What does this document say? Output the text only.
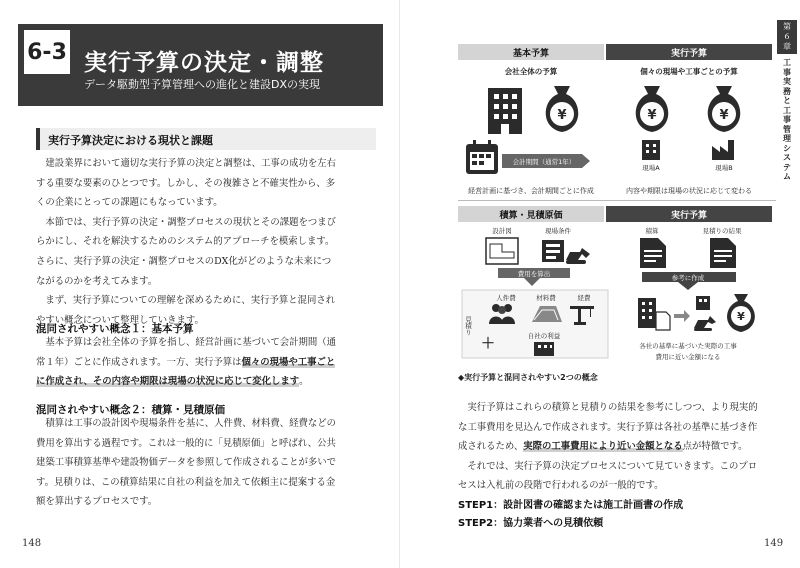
6-3 実行予算の決定・調整
データ駆動型予算管理への進化と建設DXの実現
実行予算決定における現状と課題
　建設業界において適切な実行予算の決定と調整は、工事の成功を左右
する重要な要素のひとつです。しかし、その複雑さと不確実性から、多
くの企業にとっての課題にもなっています。
　本節では、実行予算の決定・調整プロセスの現状とその課題をつまび
らかにし、それを解決するためのシステム的アプローチを模索します。
さらに、実行予算の決定・調整プロセスのDX化がどのような未来につ
ながるのかを考えてみます。
　まず、実行予算についての理解を深めるために、実行予算と混同され
やすい概念について整理していきます。
混同されやすい概念１：基本予算
　基本予算は会社全体の予算を指し、経営計画に基づいて会計期間（通
常１年）ごとに作成されます。一方、実行予算は個々の現場や工事ごと
に作成され、その内容や期限は現場の状況に応じて変化します。
混同されやすい概念２：積算・見積原価
　積算は工事の設計図や現場条件を基に、人件費、材料費、経費などの
費用を算出する過程です。これは一般的に「見積原価」と呼ばれ、公共
建築工事積算基準や建設物価データを参照して作成されることが多いで
す。見積りは、この積算結果に自社の利益を加えて依頼主に提案する金
額を算出するプロセスです。
148
第
６
章
工
事
実
務
と
工
事
管
理
シ
ス
テ
ム
基本予算	実行予算
会社全体の予算	個々の現場や工事ごとの予算
¥
会計期間（通常1年）
¥	¥
現場A	現場B
経営計画に基づき、会計期間ごとに作成	内容や期限は現場の状況に応じて変わる
積算・見積原価	実行予算
設計図	現場条件
費用を算出
見積り
人件費	材料費	経費
＋	自社の利益
積算	見積りの結果
参考に作成
¥
各社の基準に基づいた実際の工事
費用に近い金額になる
◆実行予算と混同されやすい2つの概念
　実行予算はこれらの積算と見積りの結果を参考にしつつ、より現実的
な工事費用を見込んで作成されます。実行予算は各社の基準に基づき作
成されるため、実際の工事費用により近い金額となる点が特徴です。
　それでは、実行予算の決定プロセスについて見ていきます。このプロ
セスは入札前の段階で行われるのが一般的です。
STEP1：設計図書の確認または施工計画書の作成
STEP2：協力業者への見積依頼
149
